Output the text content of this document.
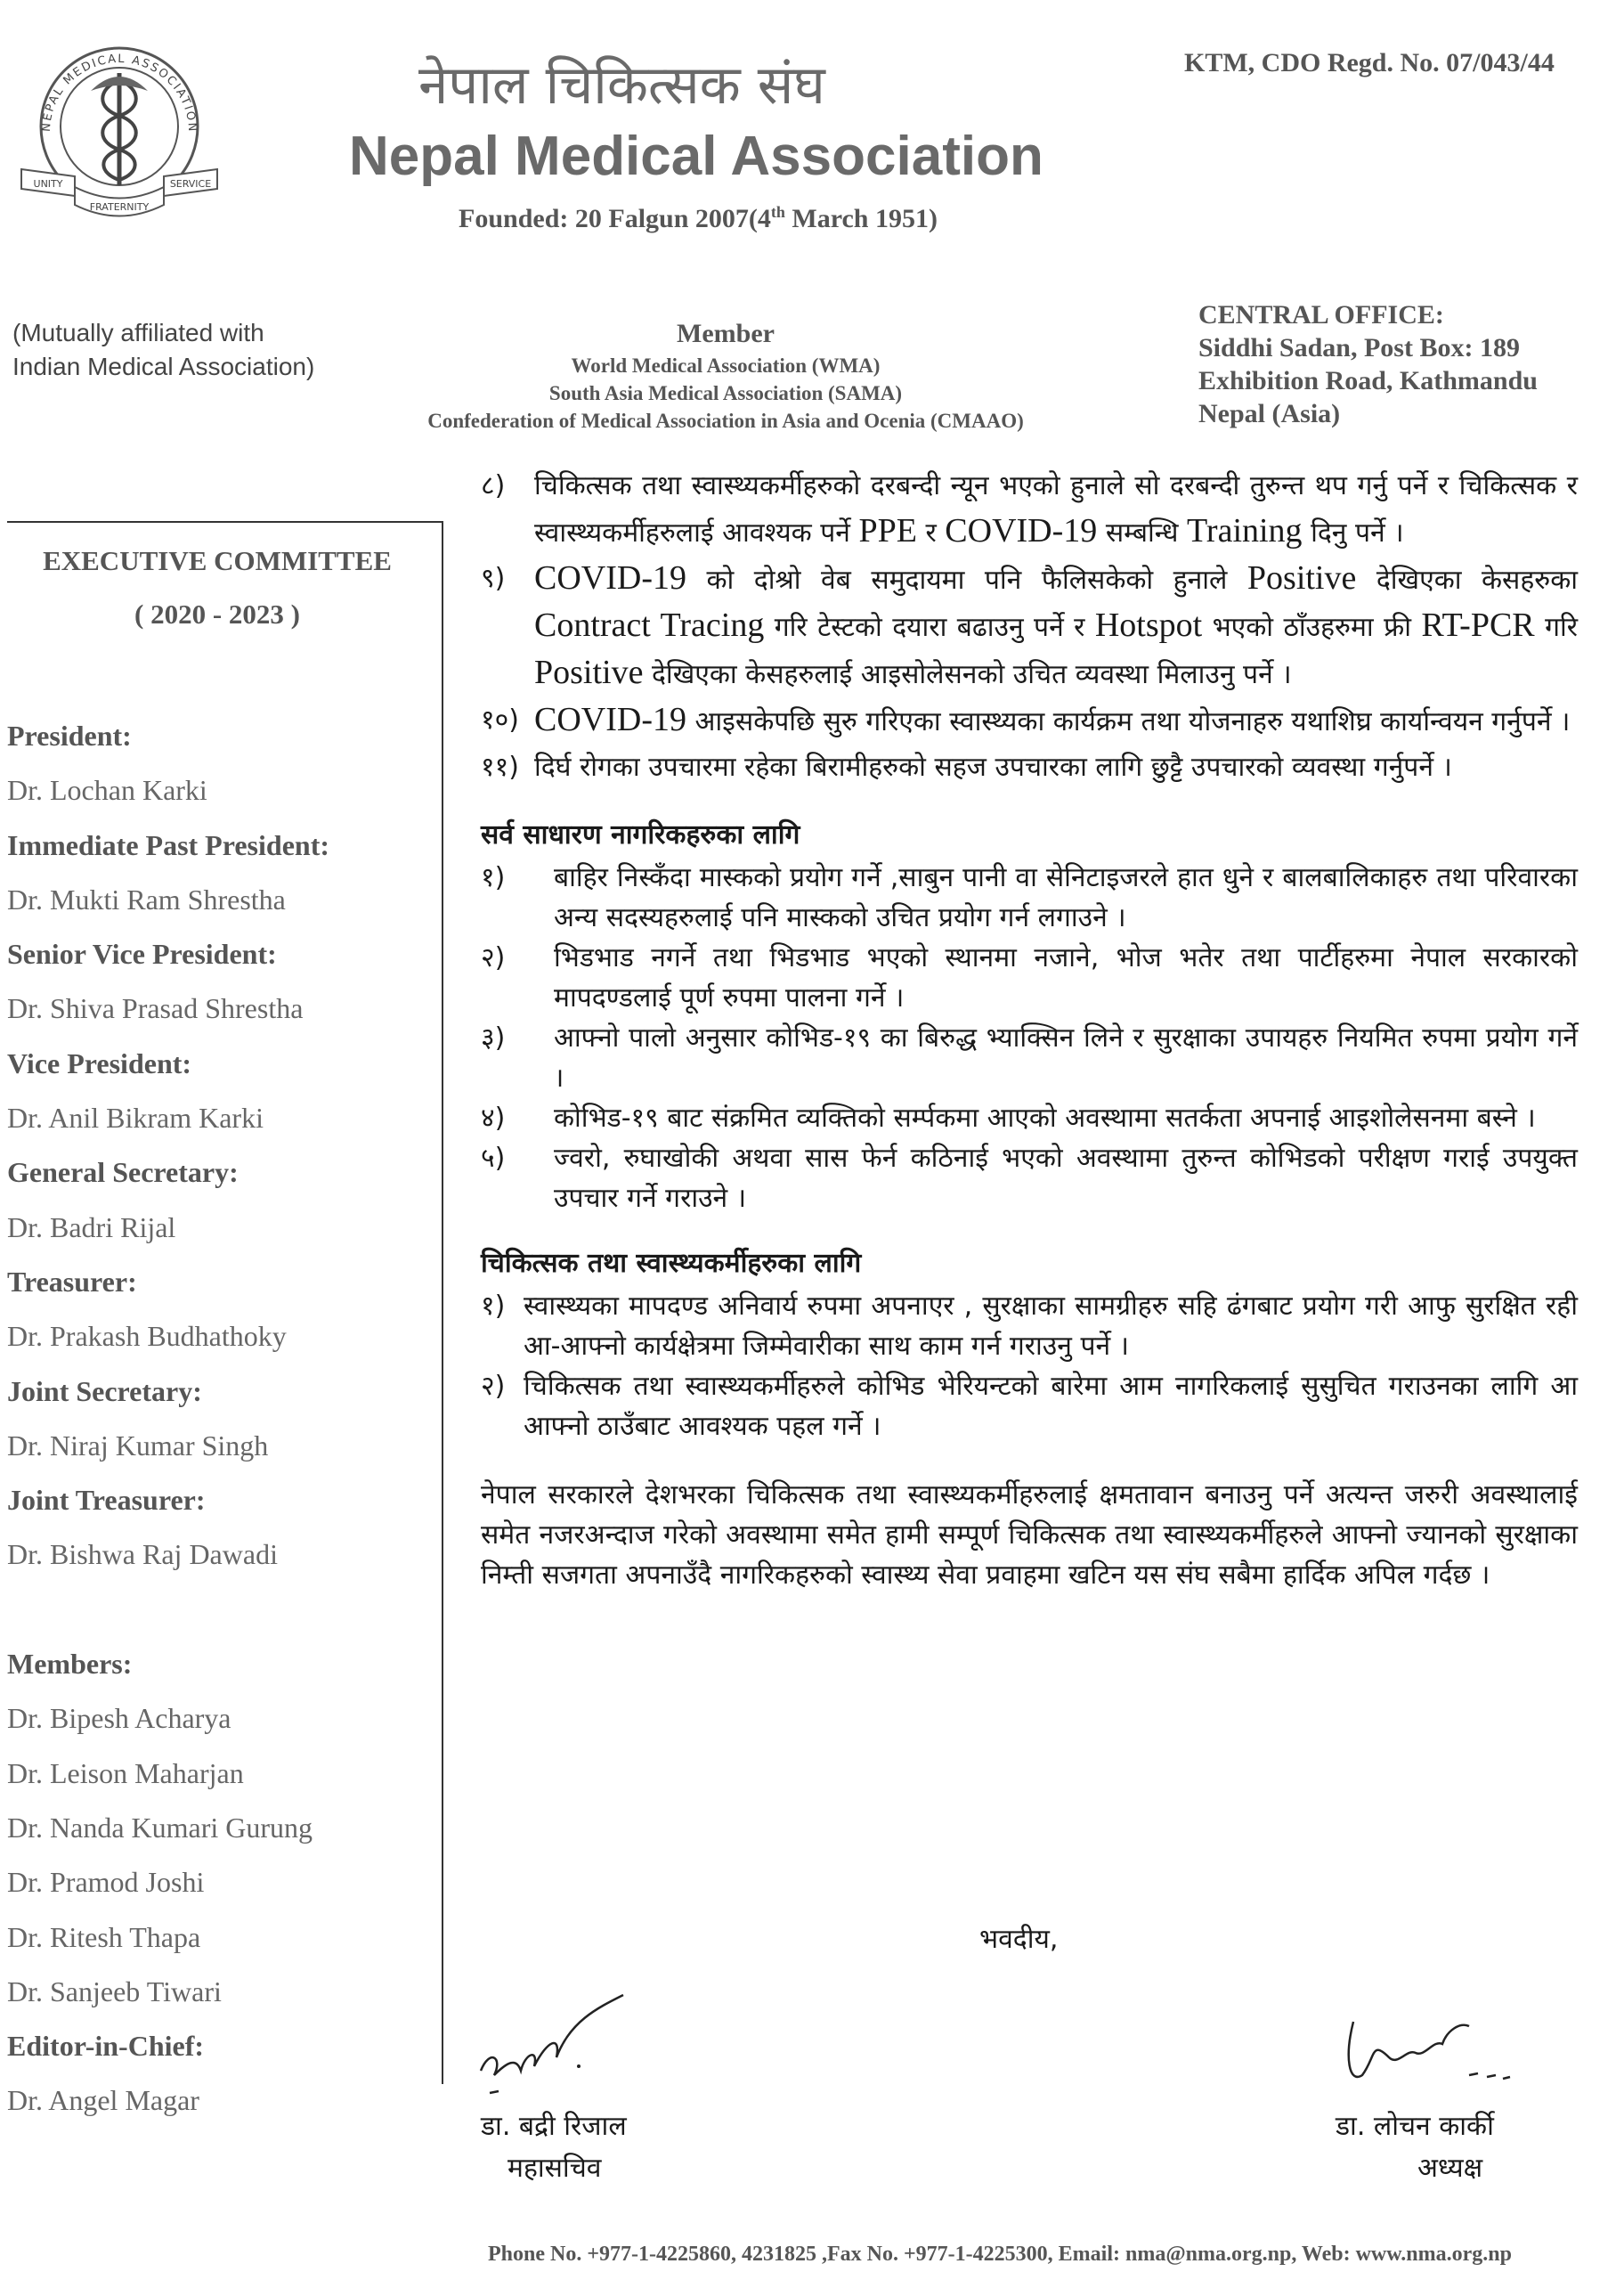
NEPAL MEDICAL ASSOCIATION
UNITY	SERVICE
FRATERNITY
नेपाल चिकित्सक संघ
Nepal Medical Association
Founded: 20 Falgun 2007(4th March 1951)
KTM, CDO Regd. No. 07/043/44
(Mutually affiliated with
Indian Medical Association)
Member
World Medical Association (WMA)
South Asia Medical Association (SAMA)
Confederation of Medical Association in Asia and Ocenia (CMAAO)
CENTRAL OFFICE:
Siddhi Sadan, Post Box: 189
Exhibition Road, Kathmandu
Nepal (Asia)
EXECUTIVE COMMITTEE
( 2020 - 2023 )
President:
Dr. Lochan Karki
Immediate Past President:
Dr. Mukti Ram Shrestha
Senior Vice President:
Dr. Shiva Prasad Shrestha
Vice President:
Dr. Anil Bikram Karki
General Secretary:
Dr. Badri Rijal
Treasurer:
Dr. Prakash Budhathoky
Joint Secretary:
Dr. Niraj Kumar Singh
Joint Treasurer:
Dr. Bishwa Raj Dawadi
Members:
Dr. Bipesh Acharya
Dr. Leison Maharjan
Dr. Nanda Kumari Gurung
Dr. Pramod Joshi
Dr. Ritesh Thapa
Dr. Sanjeeb Tiwari
Editor-in-Chief:
Dr. Angel Magar
८)	चिकित्सक तथा स्वास्थ्यकर्मीहरुको दरबन्दी न्यून भएको हुनाले सो दरबन्दी तुरुन्त थप गर्नु पर्ने र चिकित्सक र स्वास्थ्यकर्मीहरुलाई आवश्यक पर्ने PPE र COVID-19 सम्बन्धि Training दिनु पर्ने ।
९) COVID-19 को दोश्रो वेब समुदायमा पनि फैलिसकेको हुनाले Positive देखिएका केसहरुका Contract Tracing गरि टेस्टको दयारा बढाउनु पर्ने र Hotspot भएको ठाँउहरुमा फ्री RT-PCR गरि Positive देखिएका केसहरुलाई आइसोलेसनको उचित व्यवस्था मिलाउनु पर्ने ।
१०) COVID-19 आइसकेपछि सुरु गरिएका स्वास्थ्यका कार्यक्रम तथा योजनाहरु यथाशिघ्र कार्यान्वयन गर्नुपर्ने ।
११) दिर्घ रोगका उपचारमा रहेका बिरामीहरुको सहज उपचारका लागि छुट्टै उपचारको व्यवस्था गर्नुपर्ने ।
सर्व साधारण नागरिकहरुका लागि
१)	बाहिर निस्कँदा मास्कको प्रयोग गर्ने ,साबुन पानी वा सेनिटाइजरले हात धुने र बालबालिकाहरु तथा परिवारका अन्य सदस्यहरुलाई पनि मास्कको उचित प्रयोग गर्न लगाउने ।
२)	भिडभाड नगर्ने तथा भिडभाड भएको स्थानमा नजाने, भोज भतेर तथा पार्टीहरुमा नेपाल सरकारको मापदण्डलाई पूर्ण रुपमा पालना गर्ने ।
३)	आफ्नो पालो अनुसार कोभिड-१९ का बिरुद्ध भ्याक्सिन लिने र सुरक्षाका उपायहरु नियमित रुपमा प्रयोग गर्ने ।
४)	कोभिड-१९ बाट संक्रमित व्यक्तिको सर्म्पकमा आएको अवस्थामा सतर्कता अपनाई आइशोलेसनमा बस्ने ।
५)	ज्वरो, रुघाखोकी अथवा सास फेर्न कठिनाई भएको अवस्थामा तुरुन्त कोभिडको परीक्षण गराई उपयुक्त उपचार गर्ने गराउने ।
चिकित्सक तथा स्वास्थ्यकर्मीहरुका लागि
१) स्वास्थ्यका मापदण्ड अनिवार्य रुपमा अपनाएर , सुरक्षाका सामग्रीहरु सहि ढंगबाट प्रयोग गरी आफु सुरक्षित रही आ-आफ्नो कार्यक्षेत्रमा जिम्मेवारीका साथ काम गर्न गराउनु पर्ने ।
२) चिकित्सक तथा स्वास्थ्यकर्मीहरुले कोभिड भेरियन्टको बारेमा आम नागरिकलाई सुसुचित गराउनका लागि आ आफ्नो ठाउँबाट आवश्यक पहल गर्ने ।
नेपाल सरकारले देशभरका चिकित्सक तथा स्वास्थ्यकर्मीहरुलाई क्षमतावान बनाउनु पर्ने अत्यन्त जरुरी अवस्थालाई समेत नजरअन्दाज गरेको अवस्थामा समेत हामी सम्पूर्ण चिकित्सक तथा स्वास्थ्यकर्मीहरुले आफ्नो ज्यानको सुरक्षाका निम्ती सजगता अपनाउँदै नागरिकहरुको स्वास्थ्य सेवा प्रवाहमा खटिन यस संघ सबैमा हार्दिक अपिल गर्दछ ।
भवदीय,
डा. बद्री रिजाल
महासचिव
डा. लोचन कार्की
अध्यक्ष
Phone No. +977-1-4225860, 4231825 ,Fax No. +977-1-4225300, Email: nma@nma.org.np, Web: www.nma.org.np
